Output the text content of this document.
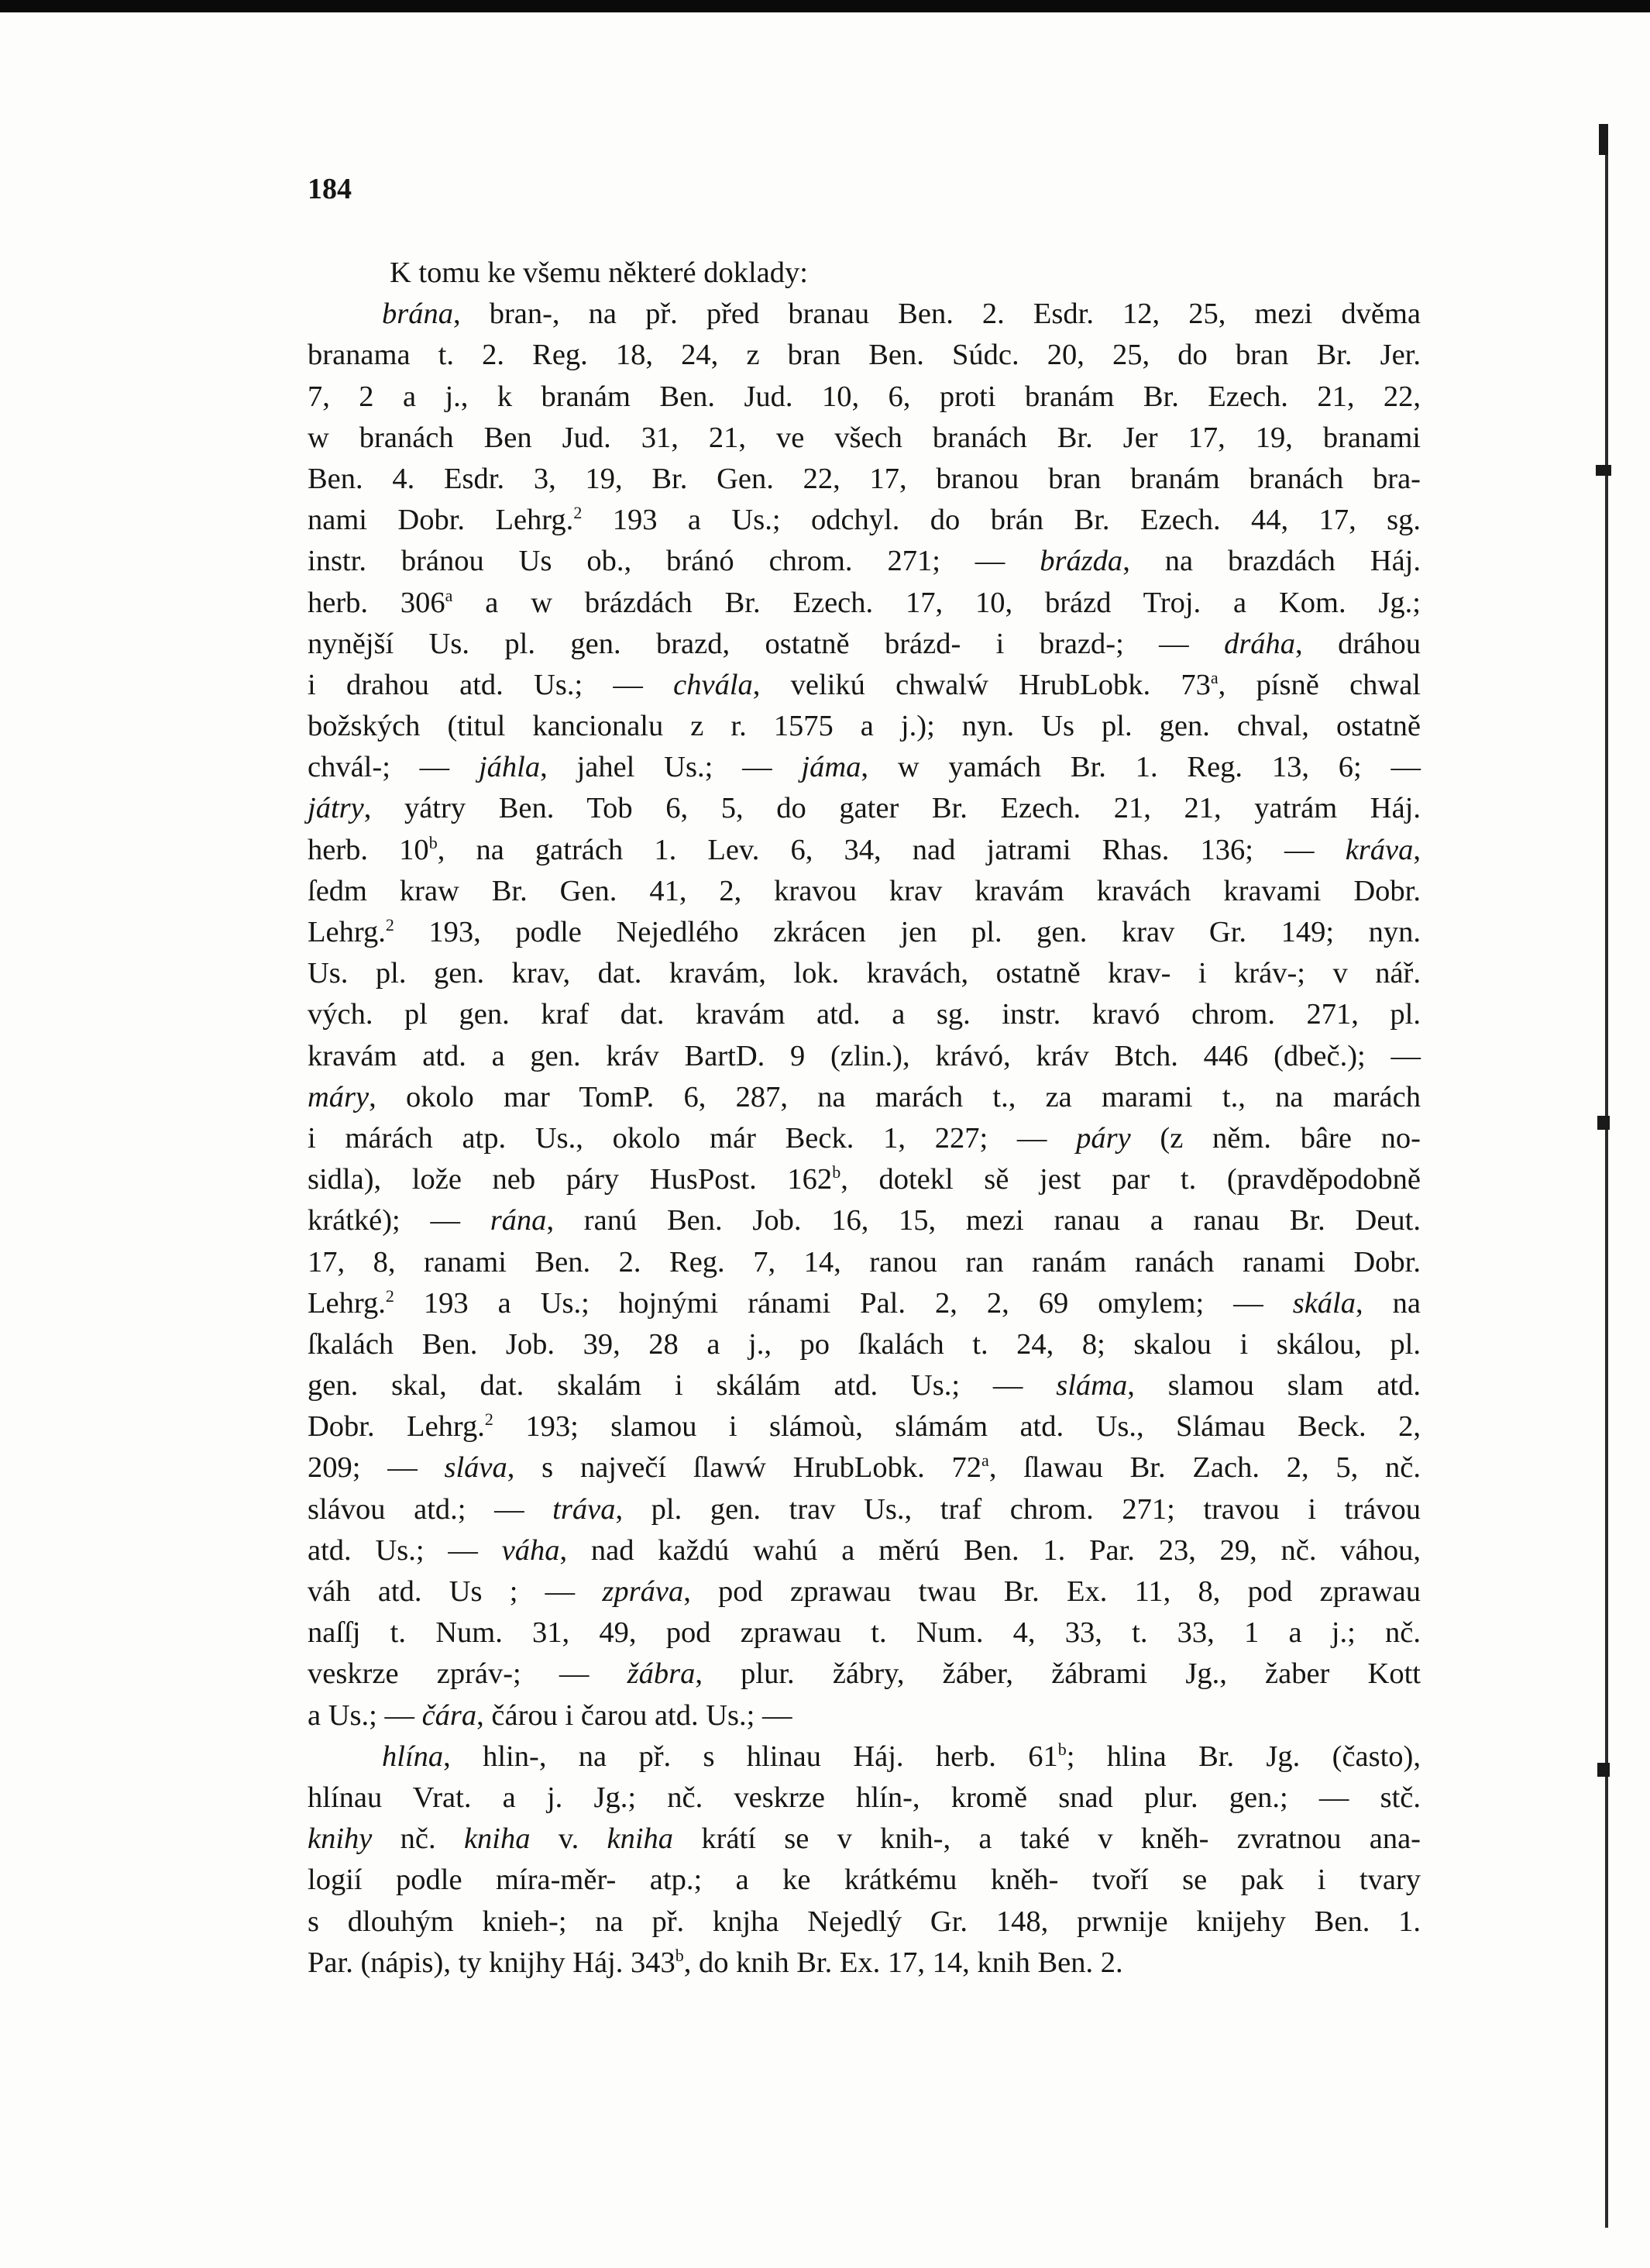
184
K tomu ke všemu některé doklady:
brána, bran-, na př. před branau Ben. 2. Esdr. 12, 25, mezi dvěma
branama t. 2. Reg. 18, 24, z bran Ben. Súdc. 20, 25, do bran Br. Jer.
7, 2 a j., k branám Ben. Jud. 10, 6, proti branám Br. Ezech. 21, 22,
w branách Ben Jud. 31, 21, ve všech branách Br. Jer 17, 19, branami
Ben. 4. Esdr. 3, 19, Br. Gen. 22, 17, branou bran branám branách bra-
nami Dobr. Lehrg.$^2$ 193 a Us.; odchyl. do brán Br. Ezech. 44, 17, sg.
instr. bránou Us ob., bránó chrom. 271; — brázda, na brazdách Háj.
herb. 306$^a$ a w brázdách Br. Ezech. 17, 10, brázd Troj. a Kom. Jg.;
nynější Us. pl. gen. brazd, ostatně brázd- i brazd-; — dráha, dráhou
i drahou atd. Us.; — chvála, velikú chwalẃ HrubLobk. 73$^a$, písně chwal
božských (titul kancionalu z r. 1575 a j.); nyn. Us pl. gen. chval, ostatně
chvál-; — jáhla, jahel Us.; — jáma, w yamách Br. 1. Reg. 13, 6; —
játry, yátry Ben. Tob 6, 5, do gater Br. Ezech. 21, 21, yatrám Háj.
herb. 10$^b$, na gatrách 1. Lev. 6, 34, nad jatrami Rhas. 136; — kráva,
ſedm kraw Br. Gen. 41, 2, kravou krav kravám kravách kravami Dobr.
Lehrg.$^2$ 193, podle Nejedlého zkrácen jen pl. gen. krav Gr. 149; nyn.
Us. pl. gen. krav, dat. kravám, lok. kravách, ostatně krav- i kráv-; v nář.
vých. pl gen. kraf dat. kravám atd. a sg. instr. kravó chrom. 271, pl.
kravám atd. a gen. kráv BartD. 9 (zlin.), krávó, kráv Btch. 446 (dbeč.); —
máry, okolo mar TomP. 6, 287, na marách t., za marami t., na marách
i márách atp. Us., okolo már Beck. 1, 227; — páry (z něm. bâre no-
sidla), lože neb páry HusPost. 162$^b$, dotekl sě jest par t. (pravděpodobně
krátké); — rána, ranú Ben. Job. 16, 15, mezi ranau a ranau Br. Deut.
17, 8, ranami Ben. 2. Reg. 7, 14, ranou ran ranám ranách ranami Dobr.
Lehrg.$^2$ 193 a Us.; hojnými ránami Pal. 2, 2, 69 omylem; — skála, na
ſkalách Ben. Job. 39, 28 a j., po ſkalách t. 24, 8; skalou i skálou, pl.
gen. skal, dat. skalám i skálám atd. Us.; — sláma, slamou slam atd.
Dobr. Lehrg.$^2$ 193; slamou i slámoù, slámám atd. Us., Slámau Beck. 2,
209; — sláva, s največí ſlawẃ HrubLobk. 72$^a$, ſlawau Br. Zach. 2, 5, nč.
slávou atd.; — tráva, pl. gen. trav Us., traf chrom. 271; travou i trávou
atd. Us.; — váha, nad každú wahú a měrú Ben. 1. Par. 23, 29, nč. váhou,
váh atd. Us ; — zpráva, pod zprawau twau Br. Ex. 11, 8, pod zprawau
naſſj t. Num. 31, 49, pod zprawau t. Num. 4, 33, t. 33, 1 a j.; nč.
veskrze zpráv-; — žábra, plur. žábry, žáber, žábrami Jg., žaber Kott
a Us.; — čára, čárou i čarou atd. Us.; —
hlína, hlin-, na př. s hlinau Háj. herb. 61$^b$; hlina Br. Jg. (často),
hlínau Vrat. a j. Jg.; nč. veskrze hlín-, kromě snad plur. gen.; — stč.
knihy nč. kniha v. kniha krátí se v knih-, a také v kněh- zvratnou ana-
logií podle míra-měr- atp.; a ke krátkému kněh- tvoří se pak i tvary
s dlouhým knieh-; na př. knjha Nejedlý Gr. 148, prwnije knijehy Ben. 1.
Par. (nápis), ty knijhy Háj. 343$^b$, do knih Br. Ex. 17, 14, knih Ben. 2.
